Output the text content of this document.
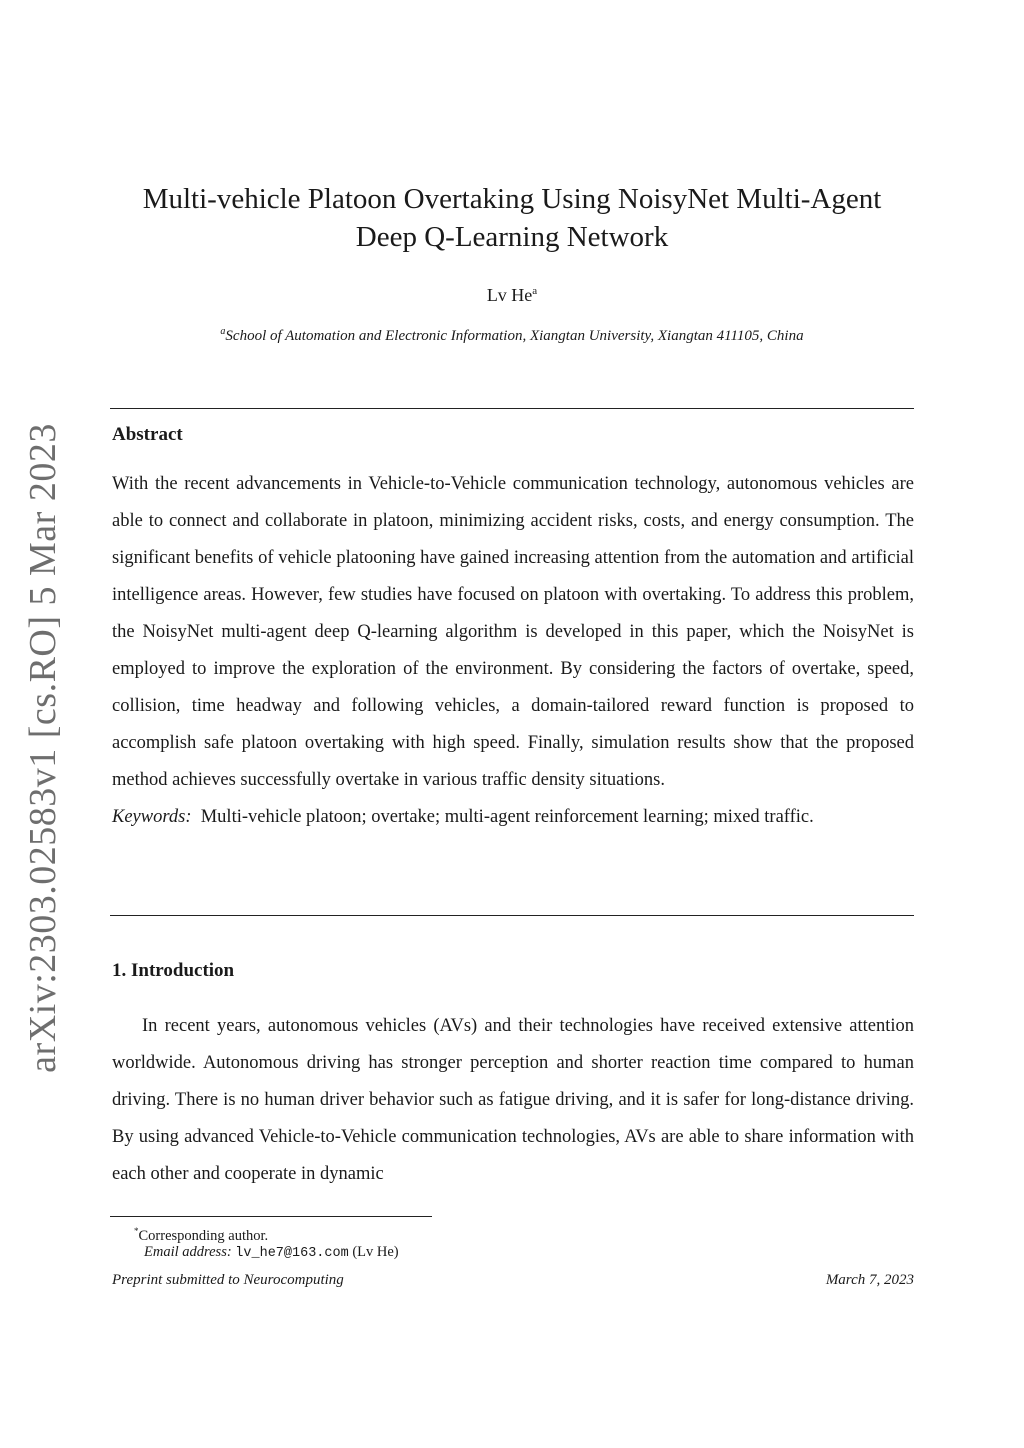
arXiv:2303.02583v1 [cs.RO] 5 Mar 2023
Multi-vehicle Platoon Overtaking Using NoisyNet Multi-Agent
Deep Q-Learning Network
Lv He$^a$
$^a$School of Automation and Electronic Information, Xiangtan University, Xiangtan 411105, China
Abstract

With the recent advancements in Vehicle-to-Vehicle communication technology, autonomous vehicles are able to connect and collaborate in platoon, minimizing accident risks, costs, and energy consumption. The significant benefits of vehicle platooning have gained increasing attention from the automation and artificial intelligence areas. However, few studies have focused on platoon with overtaking. To address this problem, the NoisyNet multi-agent deep Q-learning algorithm is developed in this paper, which the NoisyNet is employed to improve the exploration of the environment. By considering the factors of overtake, speed, collision, time headway and following vehicles, a domain-tailored reward function is proposed to accomplish safe platoon overtaking with high speed. Finally, simulation results show that the proposed method achieves successfully overtake in various traffic density situations.

Keywords: Multi-vehicle platoon; overtake; multi-agent reinforcement learning; mixed traffic.

1. Introduction

In recent years, autonomous vehicles (AVs) and their technologies have received extensive attention worldwide. Autonomous driving has stronger perception and shorter reaction time compared to human driving. There is no human driver behavior such as fatigue driving, and it is safer for long-distance driving. By using advanced Vehicle-to-Vehicle communication technologies, AVs are able to share information with each other and cooperate in dynamic

*Corresponding author.
Email address: lv_he7@163.com (Lv He)
Preprint submitted to Neurocomputing	March 7, 2023
